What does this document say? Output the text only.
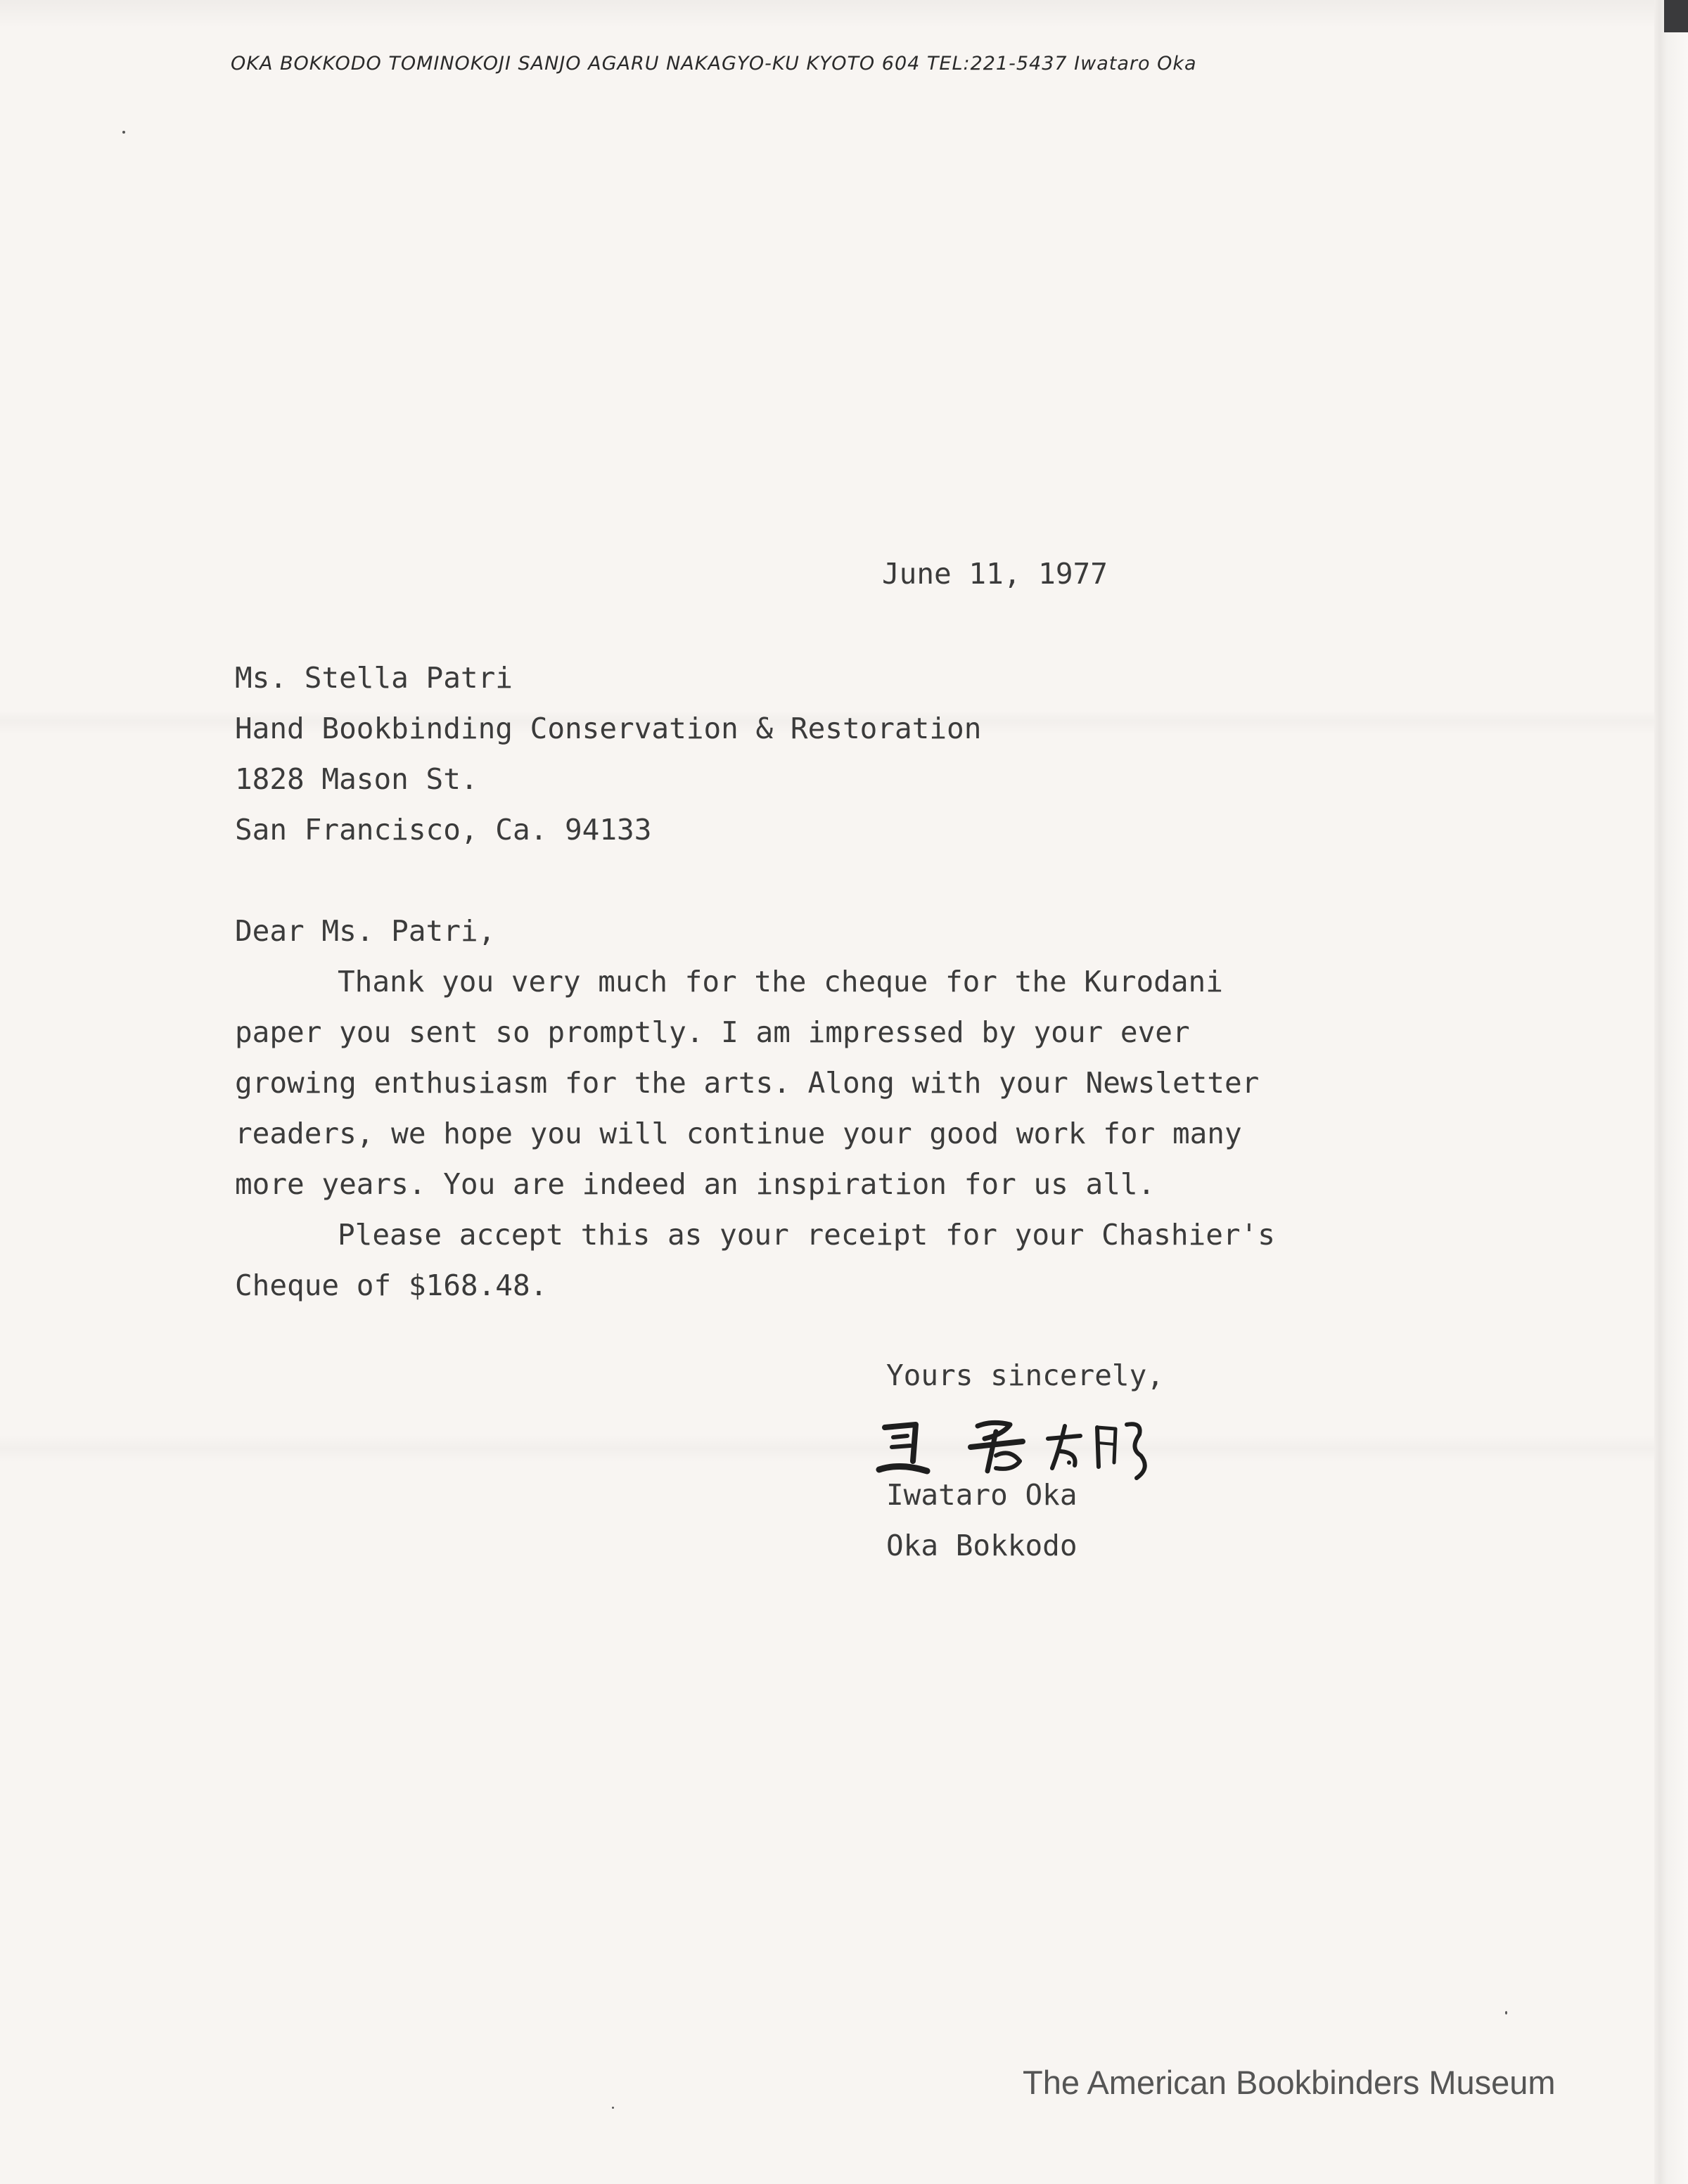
OKA BOKKODO TOMINOKOJI SANJO AGARU NAKAGYO-KU KYOTO 604 TEL:221-5437 Iwataro Oka
June 11, 1977
Ms. Stella Patri
Hand Bookbinding Conservation & Restoration
1828 Mason St.
San Francisco, Ca. 94133
Dear Ms. Patri,
Thank you very much for the cheque for the Kurodani
paper you sent so promptly. I am impressed by your ever
growing enthusiasm for the arts. Along with your Newsletter
readers, we hope you will continue your good work for many
more years. You are indeed an inspiration for us all.
Please accept this as your receipt for your Chashier's
Cheque of $168.48.
Yours sincerely,
Iwataro Oka
Oka Bokkodo
The American Bookbinders Museum
